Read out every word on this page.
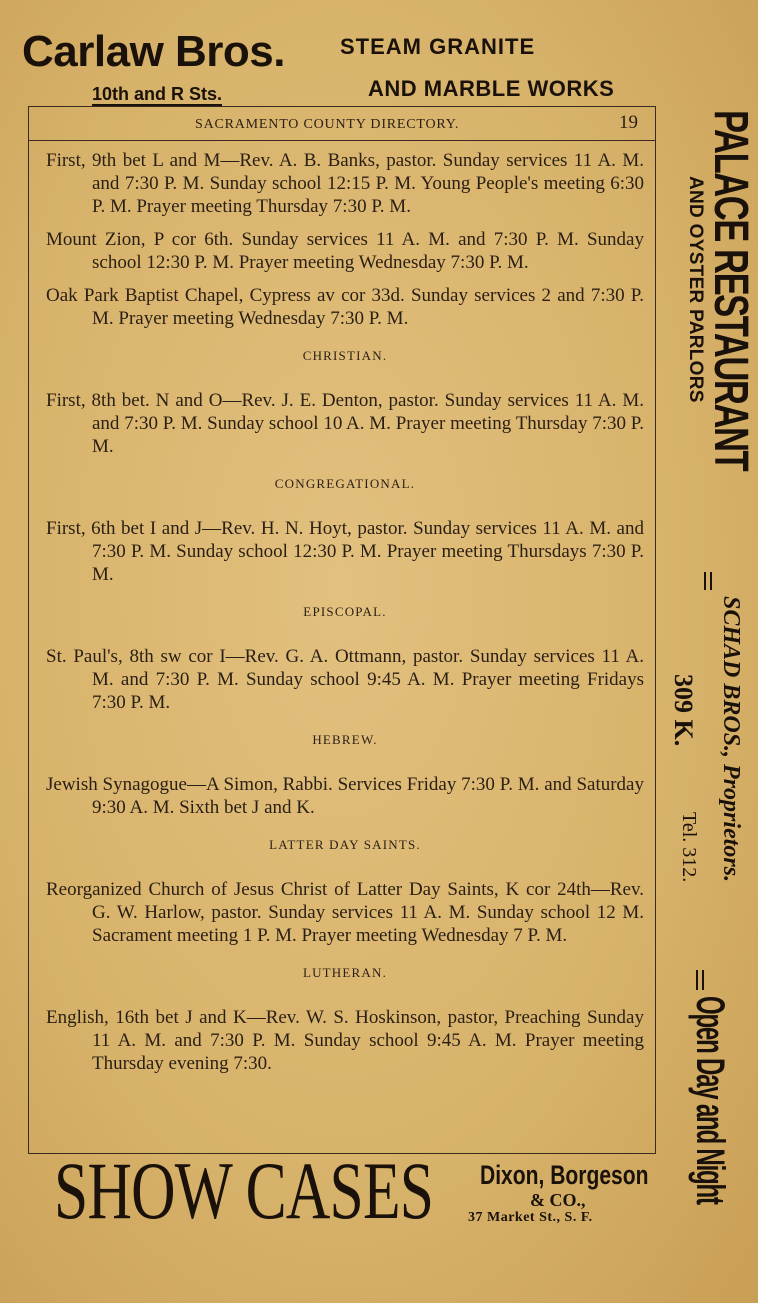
Carlaw Bros.
10th and R Sts.
STEAM GRANITE
AND MARBLE WORKS
SACRAMENTO COUNTY DIRECTORY.	19

First, 9th bet L and M—Rev. A. B. Banks, pastor. Sunday services 11 A. M. and 7:30 P. M. Sunday school 12:15 P. M. Young People's meeting 6:30 P. M. Prayer meeting Thursday 7:30 P. M.

Mount Zion, P cor 6th. Sunday services 11 A. M. and 7:30 P. M. Sunday school 12:30 P. M. Prayer meeting Wednesday 7:30 P. M.

Oak Park Baptist Chapel, Cypress av cor 33d. Sunday services 2 and 7:30 P. M. Prayer meeting Wednesday 7:30 P. M.

CHRISTIAN.

First, 8th bet. N and O—Rev. J. E. Denton, pastor. Sunday services 11 A. M. and 7:30 P. M. Sunday school 10 A. M. Prayer meeting Thursday 7:30 P. M.

CONGREGATIONAL.

First, 6th bet I and J—Rev. H. N. Hoyt, pastor. Sunday services 11 A. M. and 7:30 P. M. Sunday school 12:30 P. M. Prayer meeting Thursdays 7:30 P. M.

EPISCOPAL.

St. Paul's, 8th sw cor I—Rev. G. A. Ottmann, pastor. Sunday services 11 A. M. and 7:30 P. M. Sunday school 9:45 A. M. Prayer meeting Fridays 7:30 P. M.

HEBREW.

Jewish Synagogue—A Simon, Rabbi. Services Friday 7:30 P. M. and Saturday 9:30 A. M. Sixth bet J and K.

LATTER DAY SAINTS.

Reorganized Church of Jesus Christ of Latter Day Saints, K cor 24th—Rev. G. W. Harlow, pastor. Sunday services 11 A. M. Sunday school 12 M. Sacrament meeting 1 P. M. Prayer meeting Wednesday 7 P. M.

LUTHERAN.

English, 16th bet J and K—Rev. W. S. Hoskinson, pastor, Preaching Sunday 11 A. M. and 7:30 P. M. Sunday school 9:45 A. M. Prayer meeting Thursday evening 7:30.

PALACE RESTAURANT
AND OYSTER PARLORS
SCHAD BROS., Proprietors.
309 K.
Tel. 312.
Open Day and Night
SHOW CASES Dixon, Borgeson
& CO.,
37 Market St., S. F.
